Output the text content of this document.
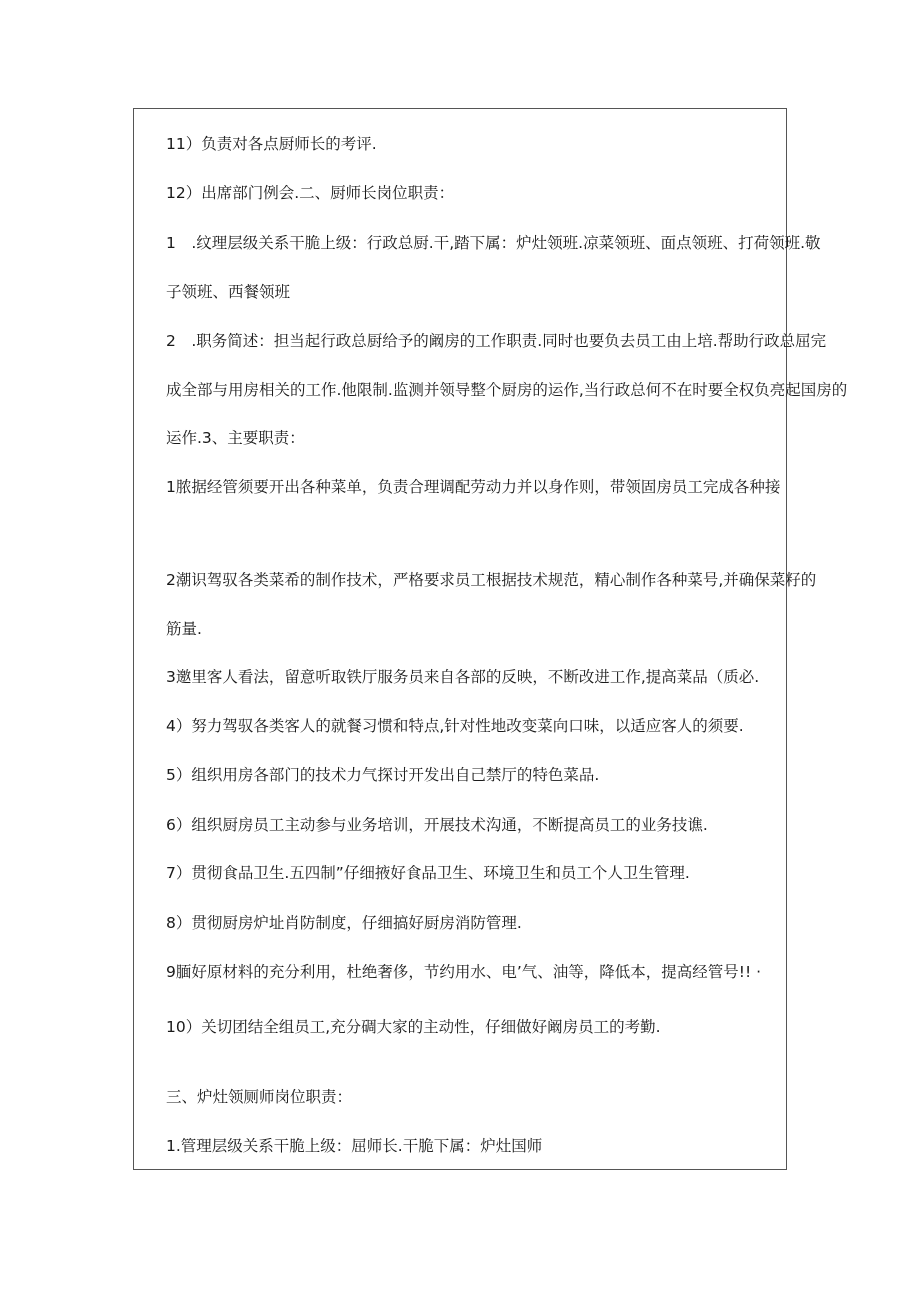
11）负责对各点厨师长的考评.
12）出席部门例会.二、厨师长岗位职责：
1　.纹理层级关系干脆上级：行政总厨.干,踏下属：炉灶领班.凉菜领班、面点领班、打荷领班.敬
子领班、西餐领班
2　.职务简述：担当起行政总厨给予的阚房的工作职责.同时也要负去员工由上培.帮助行政总屈完
成全部与用房相关的工作.他限制.监测并领导整个厨房的运作,当行政总何不在时要全权负亮起国房的
运作.3、主要职责：
1脓据经管须要开出各种菜单，负责合理调配劳动力并以身作则，带领固房员工完成各种接
2潮识驾驭各类菜希的制作技术，严格要求员工根据技术规范，精心制作各种菜号,并确保菜籽的
筋量.
3邀里客人看法，留意听取铁厅服务员来自各部的反映，不断改进工作,提高菜品（质必.
4）努力驾驭各类客人的就餐习惯和特点,针对性地改变菜向口味，以适应客人的须要.
5）组织用房各部门的技术力气探讨开发出自己禁厅的特色菜品.
6）组织厨房员工主动参与业务培训，开展技术沟通，不断提高员工的业务技谯.
7）贯彻食品卫生.五四制”仔细掖好食品卫生、环境卫生和员工个人卫生管理.
8）贯彻厨房炉址肖防制度，仔细搞好厨房消防管理.
9腼好原材料的充分利用，杜绝奢侈，节约用水、电’气、油等，降低本，提高经管号!! ·
10）关切团结全组员工,充分碉大家的主动性，仔细做好阚房员工的考勤.
三、炉灶领厕师岗位职责：
1.管理层级关系干脆上级：屈师长.干脆下属：炉灶国师
